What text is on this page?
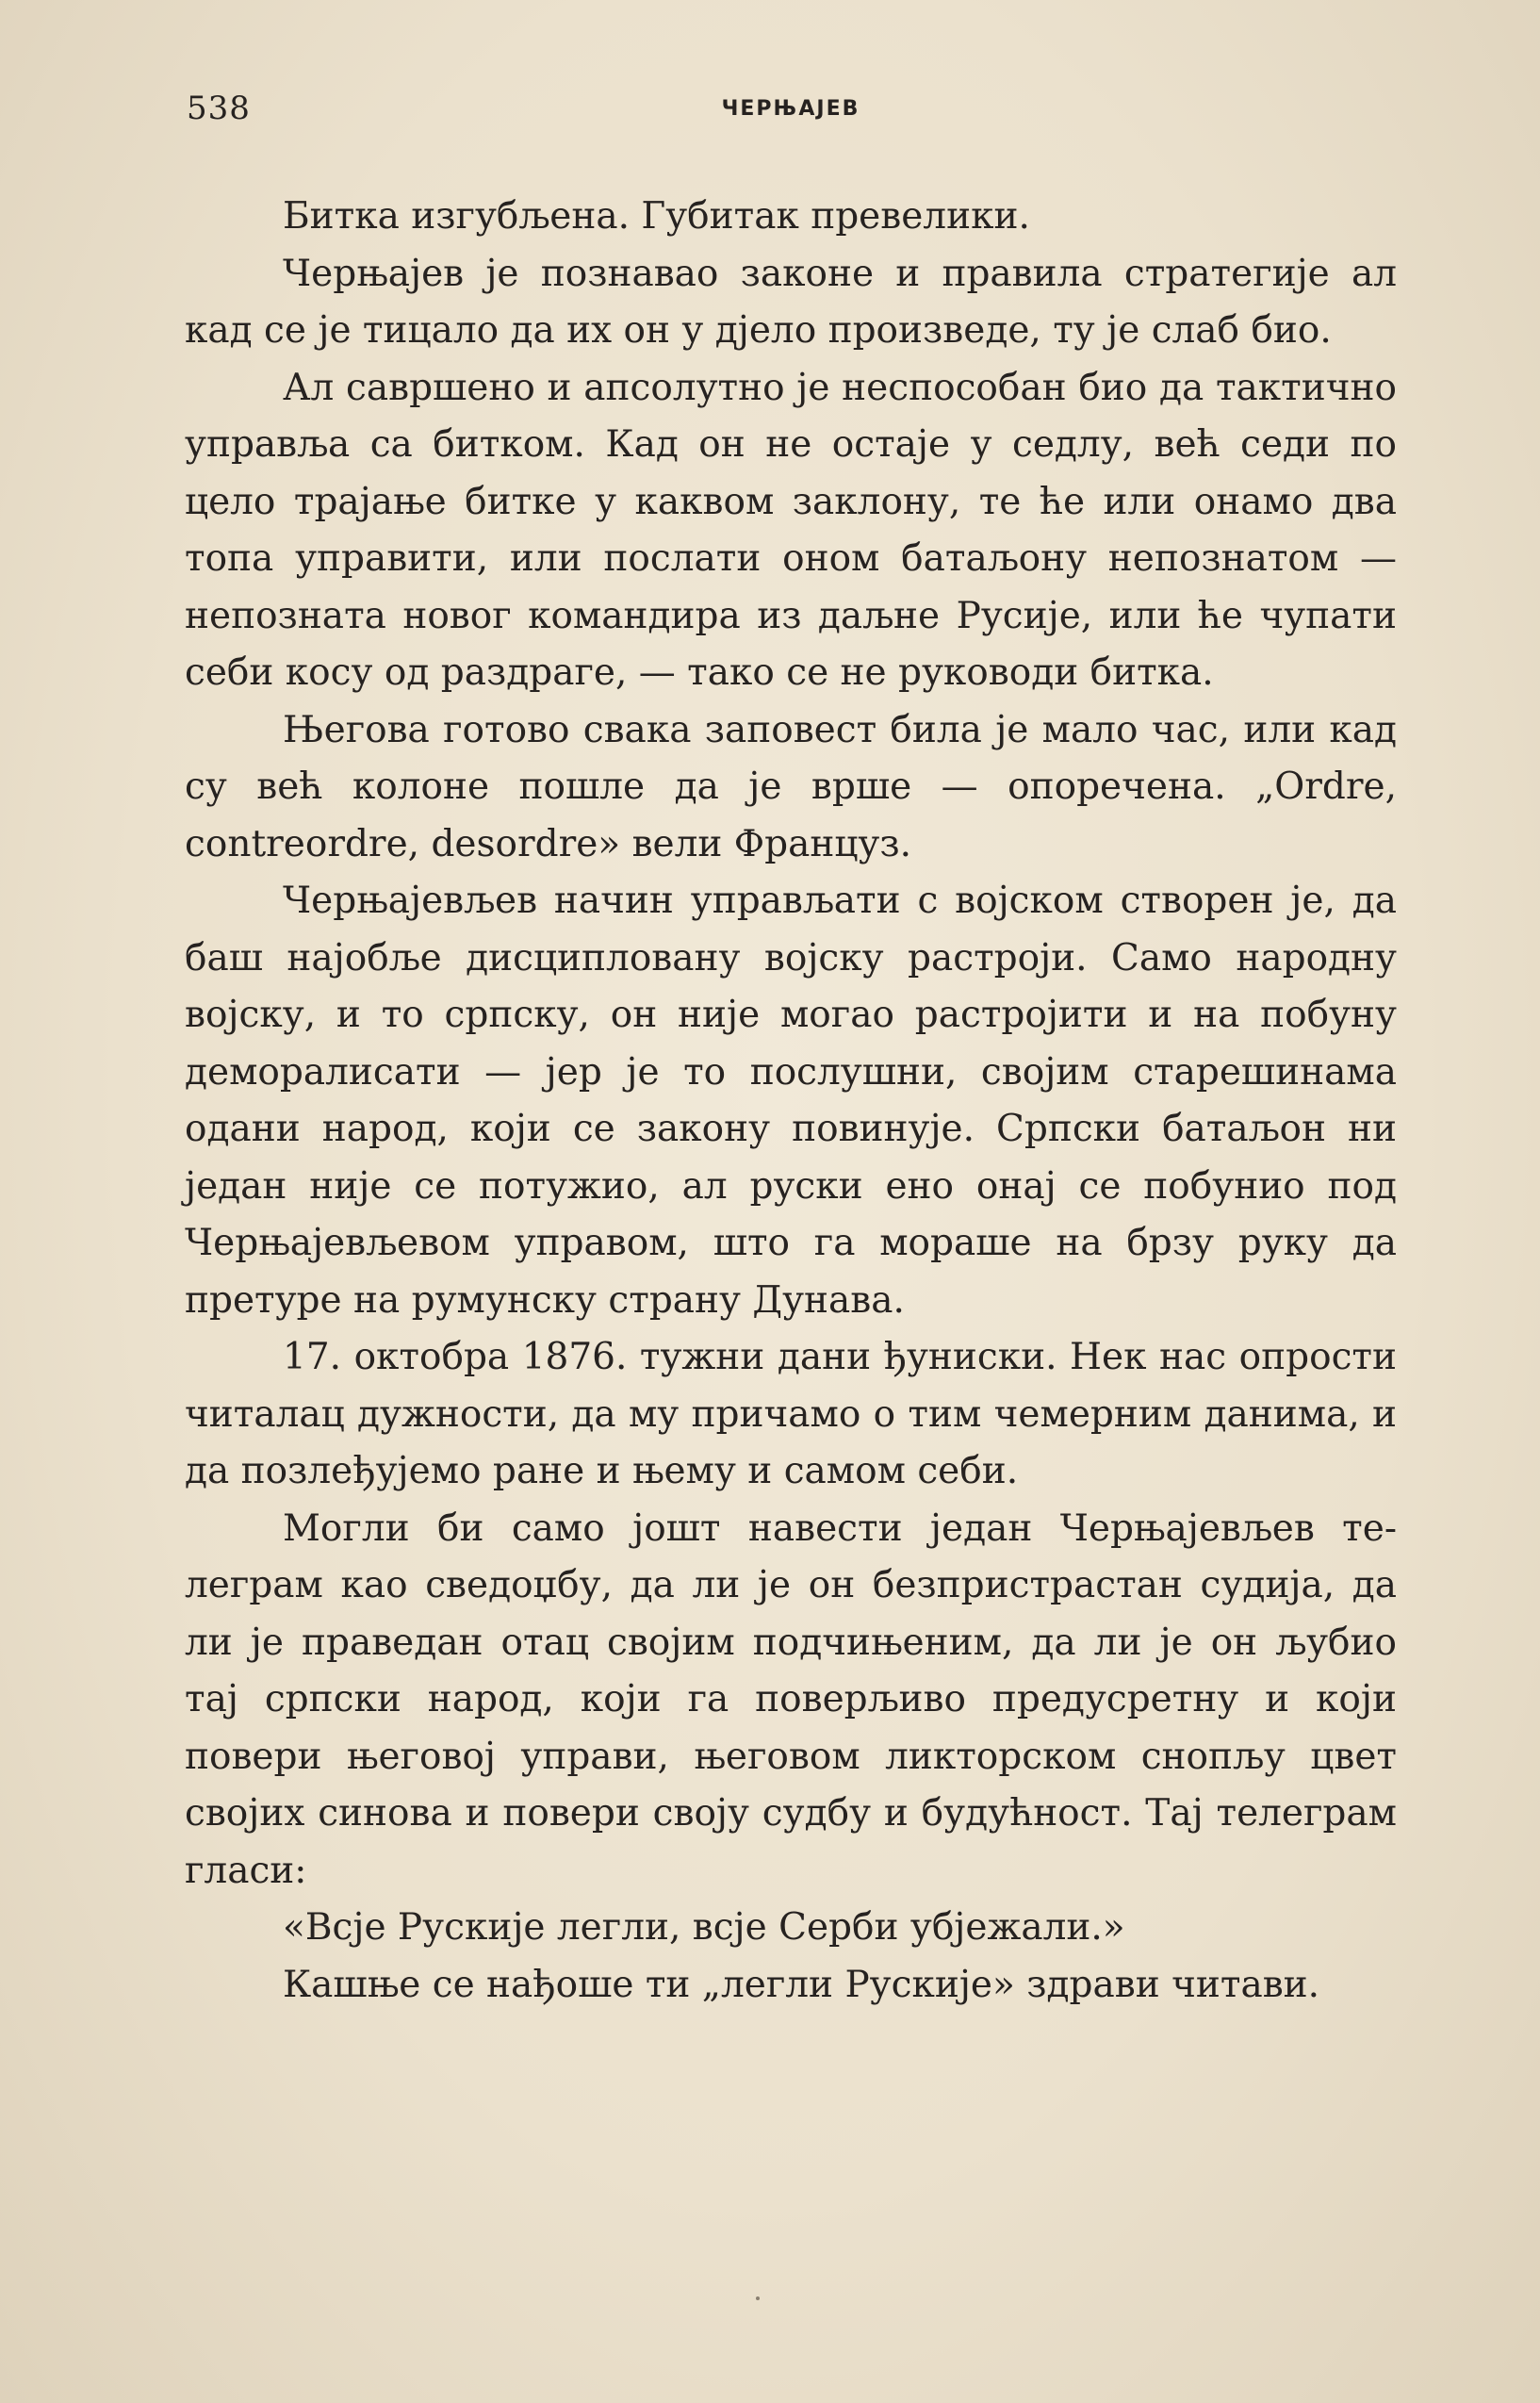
538	ЧЕРЊАЈЕВ

Битка изгубљена. Губитак превелики.

Черњајев је познавао законе и правила стратегије ал кад се је тицало да их он у дјело произведе, ту је слаб био.

Ал савршено и апсолутно је неспособан био да тактично управља са битком. Кад он не остаје у седлу, већ седи по цело трајање битке у каквом заклону, те ће или онамо два топа управити, или послати оном батаљону непознатом — непозната новог командира из даљне Русије, или ће чупати себи косу од раздраге, — тако се не руководи битка.

Његова готово свака заповест била је мало час, или кад су већ колоне пошле да је врше — опоречена. „Ordre, contreordre, desordre» вели Француз.

Черњајевљев начин управљати с војском створен је, да баш најобље дисципловану војску растроји. Само народну војску, и то српску, он није могао растројити и на побуну деморалисати — јер је то послушни, својим старешинама одани народ, који се закону повинује. Српски батаљон ни један није се потужио, ал руски ено онај се побунио под Черњајевљевом управом, што га мораше на брзу руку да претуре на румунску страну Дунава.

17. октобра 1876. тужни дани ђуниски. Нек нас опрости читалац дужности, да му причамо о тим чемерним данима, и да позлеђујемо ране и њему и самом себи.

Могли би само јошт навести један Черњајевљев телеграм као сведоџбу, да ли је он безпристрастан судија, да ли је праведан отац својим подчињеним, да ли је он љубио тај српски народ, који га поверљиво предусретну и који повери његовој управи, његовом ликторском снопљу цвет својих синова и повери своју судбу и будућност. Тај телеграм гласи:

«Всје Рускије легли, всје Серби убјежали.»

Кашње се нађоше ти „легли Рускије» здрави читави.
